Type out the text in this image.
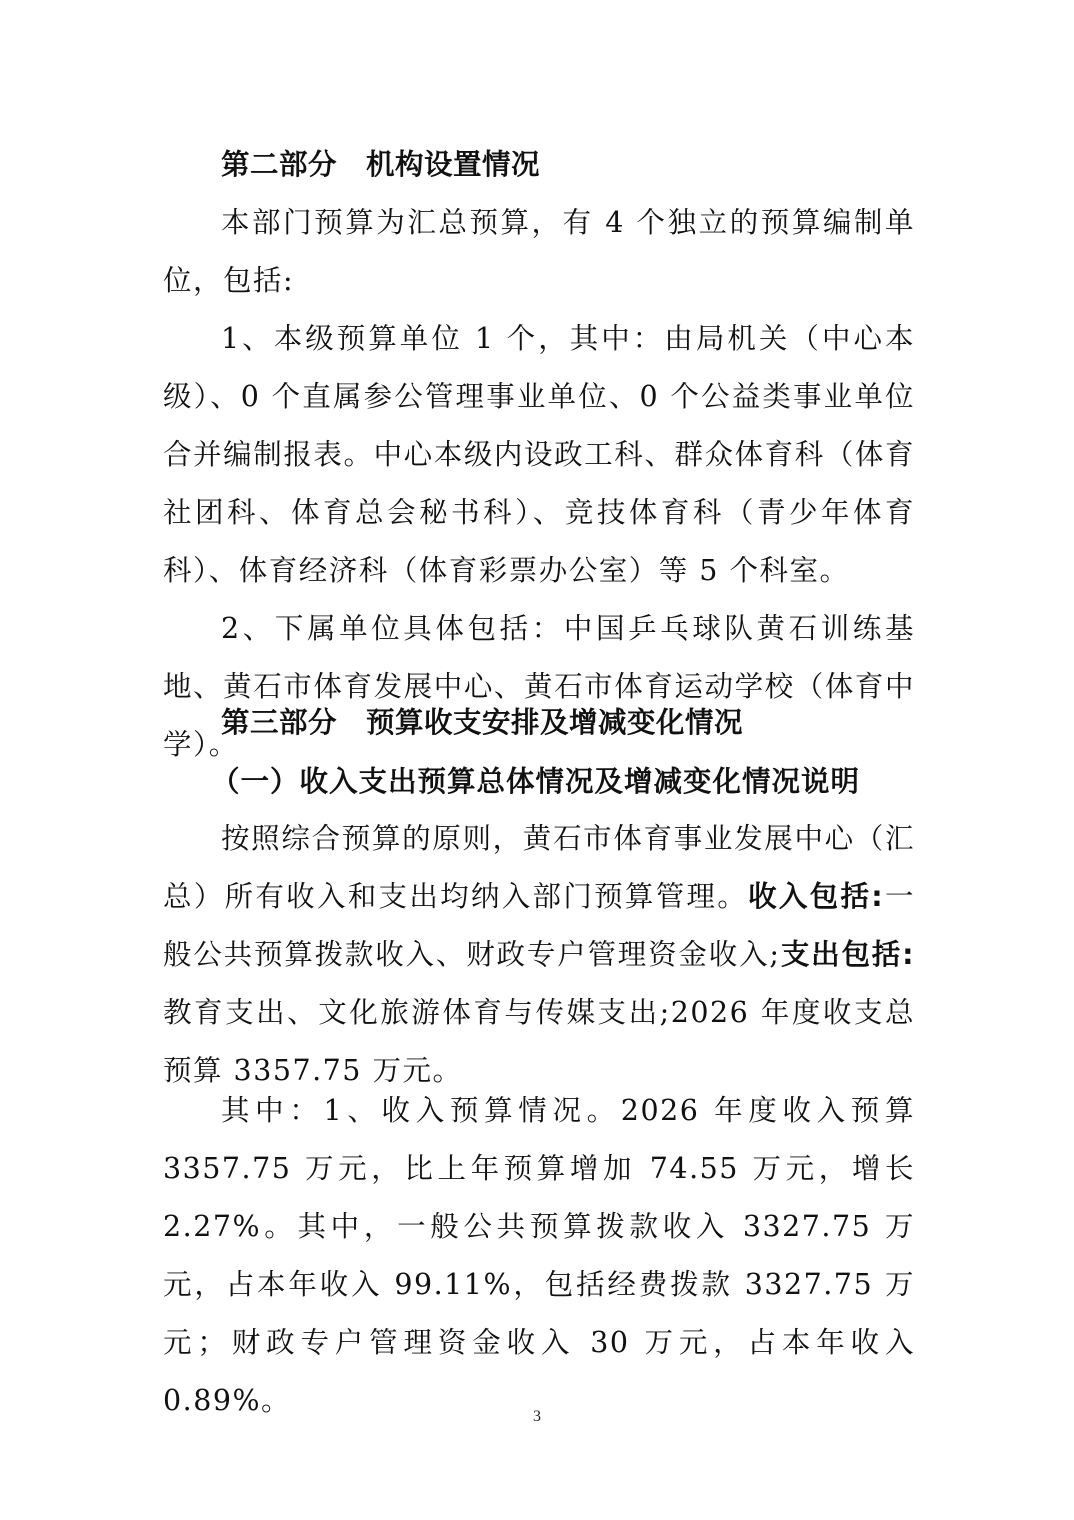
第二部分　机构设置情况

本部门预算为汇总预算，有 4 个独立的预算编制单位，包括:

1、本级预算单位 1 个，其中：由局机关（中心本级）、0 个直属参公管理事业单位、0 个公益类事业单位合并编制报表。中心本级内设政工科、群众体育科（体育社团科、体育总会秘书科）、竞技体育科（青少年体育科）、体育经济科（体育彩票办公室）等 5 个科室。

2、下属单位具体包括：中国乒乓球队黄石训练基地、黄石市体育发展中心、黄石市体育运动学校（体育中学）。

第三部分　预算收支安排及增减变化情况

（一）收入支出预算总体情况及增减变化情况说明

按照综合预算的原则，黄石市体育事业发展中心（汇总）所有收入和支出均纳入部门预算管理。收入包括:一般公共预算拨款收入、财政专户管理资金收入;支出包括:教育支出、文化旅游体育与传媒支出;2026 年度收支总预算 3357.75 万元。

其中：1、收入预算情况。2026 年度收入预算 3357.75 万元，比上年预算增加 74.55 万元，增长 2.27%。其中，一般公共预算拨款收入 3327.75 万元，占本年收入 99.11%，包括经费拨款 3327.75 万元；财政专户管理资金收入 30 万元，占本年收入 0.89%。	3
